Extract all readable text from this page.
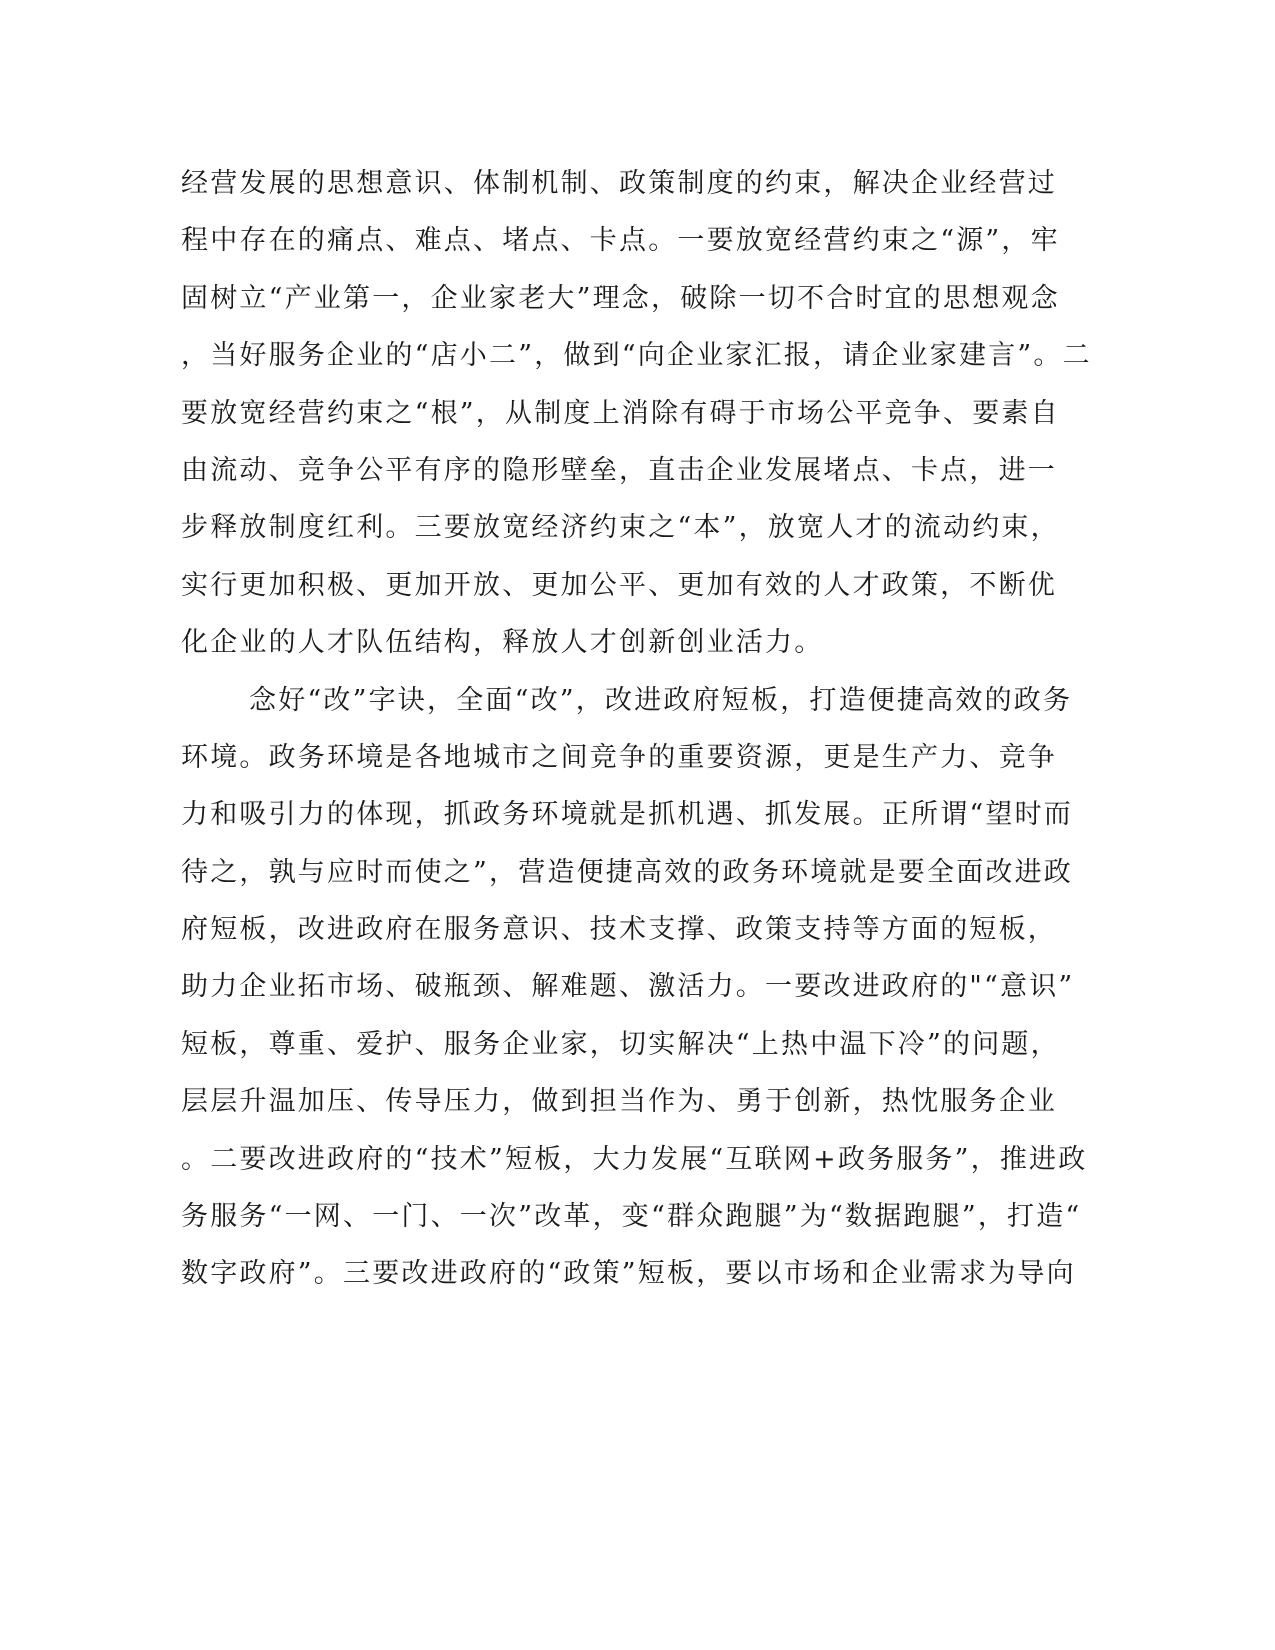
经营发展的思想意识、体制机制、政策制度的约束，解决企业经营过
程中存在的痛点、难点、堵点、卡点。一要放宽经营约束之“源”，牢
固树立“产业第一，企业家老大”理念，破除一切不合时宜的思想观念
，当好服务企业的“店小二”，做到“向企业家汇报，请企业家建言”。二
要放宽经营约束之“根”，从制度上消除有碍于市场公平竞争、要素自
由流动、竞争公平有序的隐形壁垒，直击企业发展堵点、卡点，进一
步释放制度红利。三要放宽经济约束之“本”，放宽人才的流动约束，
实行更加积极、更加开放、更加公平、更加有效的人才政策，不断优
化企业的人才队伍结构，释放人才创新创业活力。
念好“改”字诀，全面“改”，改进政府短板，打造便捷高效的政务
环境。政务环境是各地城市之间竞争的重要资源，更是生产力、竞争
力和吸引力的体现，抓政务环境就是抓机遇、抓发展。正所谓“望时而
待之，孰与应时而使之”，营造便捷高效的政务环境就是要全面改进政
府短板，改进政府在服务意识、技术支撑、政策支持等方面的短板，
助力企业拓市场、破瓶颈、解难题、激活力。一要改进政府的"“意识”
短板，尊重、爱护、服务企业家，切实解决“上热中温下冷”的问题，
层层升温加压、传导压力，做到担当作为、勇于创新，热忱服务企业
。二要改进政府的“技术”短板，大力发展“互联网+政务服务”，推进政
务服务“一网、一门、一次”改革，变“群众跑腿”为“数据跑腿”，打造“
数字政府”。三要改进政府的“政策”短板，要以市场和企业需求为导向
